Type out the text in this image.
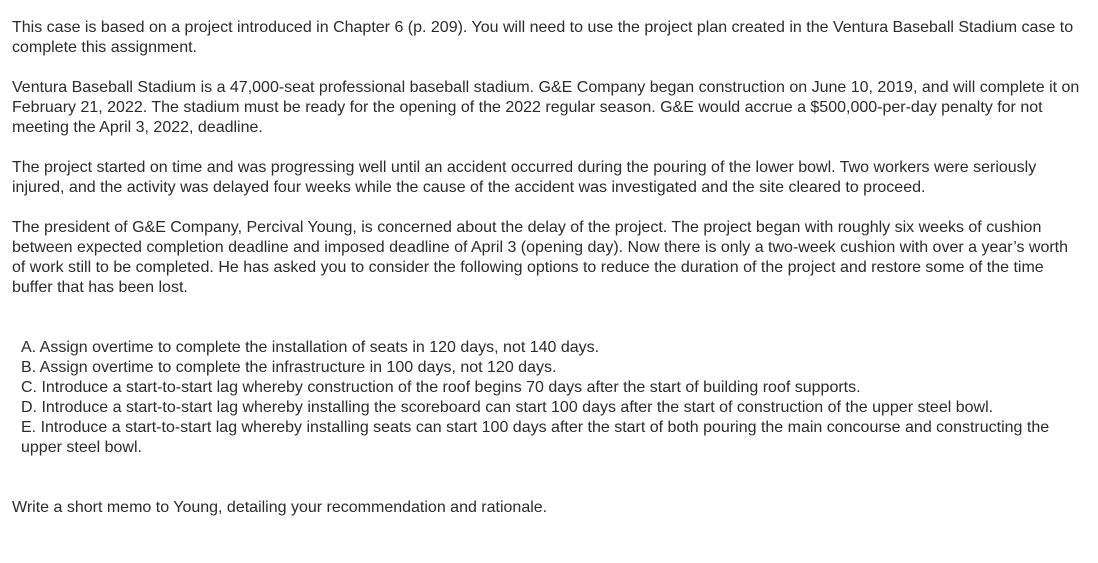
This case is based on a project introduced in Chapter 6 (p. 209). You will need to use the project plan created in the Ventura Baseball Stadium case to complete this assignment.

Ventura Baseball Stadium is a 47,000-seat professional baseball stadium. G&E Company began construction on June 10, 2019, and will complete it on February 21, 2022. The stadium must be ready for the opening of the 2022 regular season. G&E would accrue a $500,000-per-day penalty for not meeting the April 3, 2022, deadline.

The project started on time and was progressing well until an accident occurred during the pouring of the lower bowl. Two workers were seriously injured, and the activity was delayed four weeks while the cause of the accident was investigated and the site cleared to proceed.

The president of G&E Company, Percival Young, is concerned about the delay of the project. The project began with roughly six weeks of cushion between expected completion deadline and imposed deadline of April 3 (opening day). Now there is only a two-week cushion with over a year’s worth of work still to be completed. He has asked you to consider the following options to reduce the duration of the project and restore some of the time buffer that has been lost.

A. Assign overtime to complete the installation of seats in 120 days, not 140 days.

B. Assign overtime to complete the infrastructure in 100 days, not 120 days.

C. Introduce a start-to-start lag whereby construction of the roof begins 70 days after the start of building roof supports.

D. Introduce a start-to-start lag whereby installing the scoreboard can start 100 days after the start of construction of the upper steel bowl.

E. Introduce a start-to-start lag whereby installing seats can start 100 days after the start of both pouring the main concourse and constructing the upper steel bowl.

Write a short memo to Young, detailing your recommendation and rationale.
